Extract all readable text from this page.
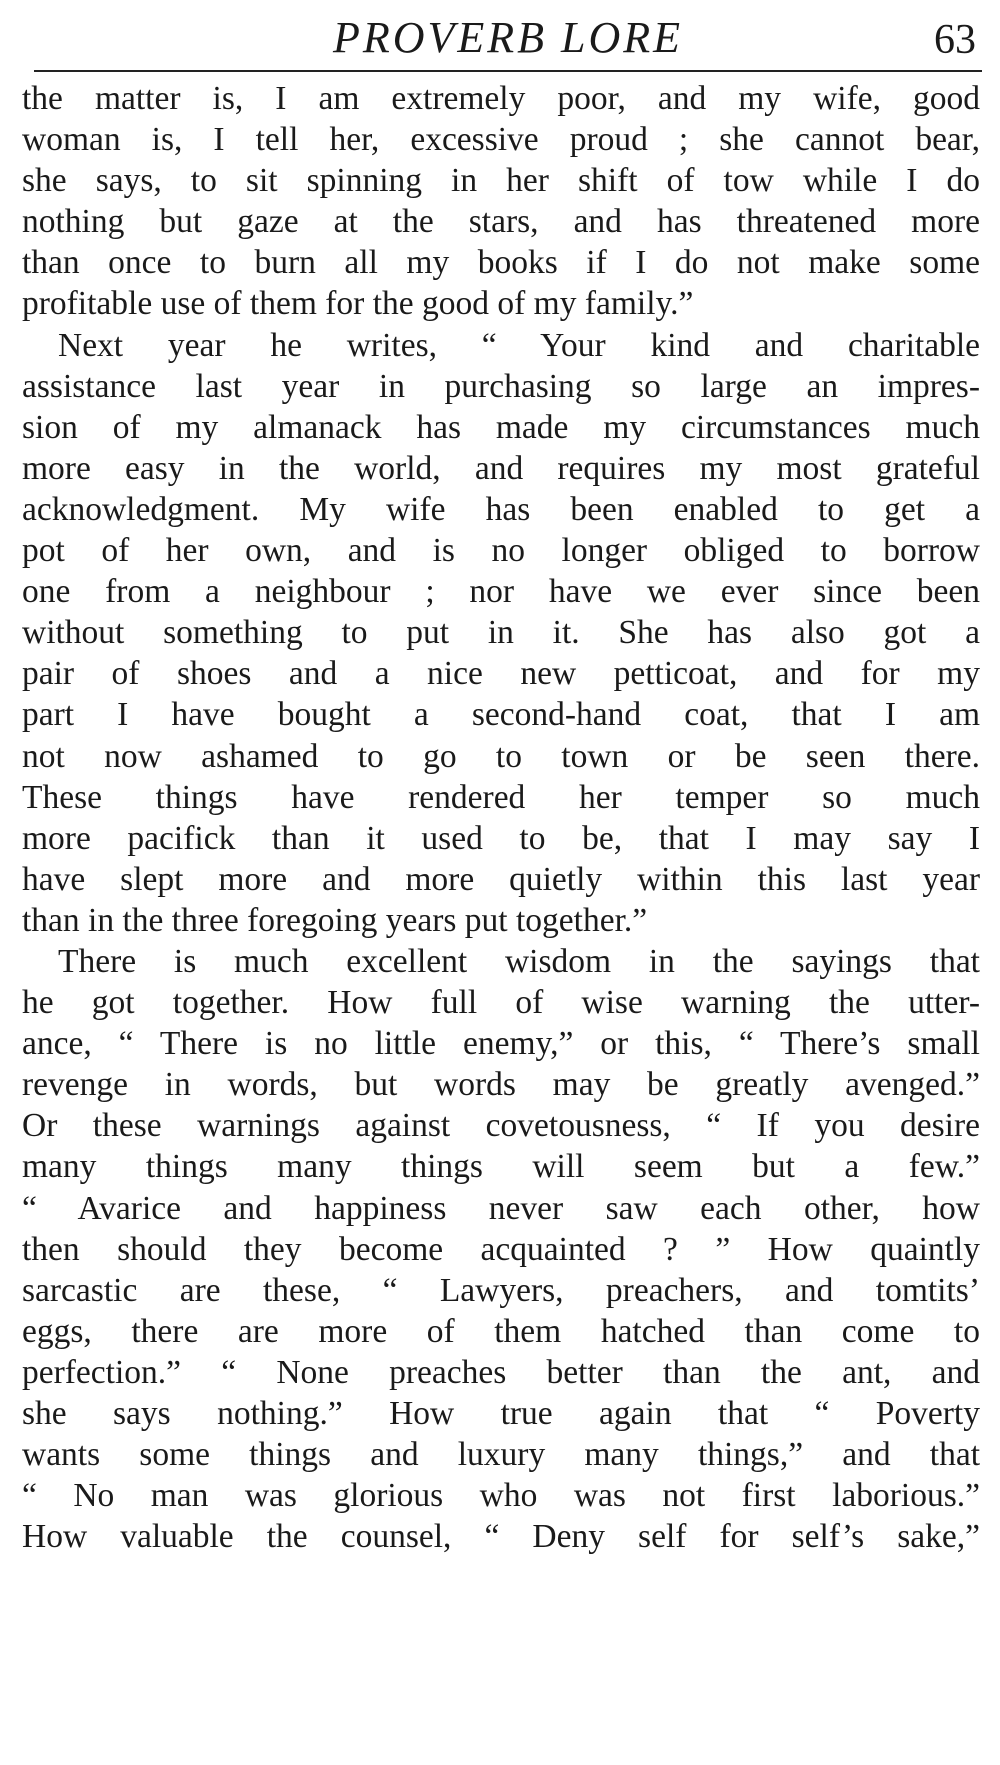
PROVERB LORE	63
the matter is, I am extremely poor, and my wife, good
woman is, I tell her, excessive proud ; she cannot bear,
she says, to sit spinning in her shift of tow while I do
nothing but gaze at the stars, and has threatened more
than once to burn all my books if I do not make some
profitable use of them for the good of my family.”
Next year he writes, “ Your kind and charitable
assistance last year in purchasing so large an impres-
sion of my almanack has made my circumstances much
more easy in the world, and requires my most grateful
acknowledgment. My wife has been enabled to get a
pot of her own, and is no longer obliged to borrow
one from a neighbour ; nor have we ever since been
without something to put in it. She has also got a
pair of shoes and a nice new petticoat, and for my
part I have bought a second-hand coat, that I am
not now ashamed to go to town or be seen there.
These things have rendered her temper so much
more pacifick than it used to be, that I may say I
have slept more and more quietly within this last year
than in the three foregoing years put together.”
There is much excellent wisdom in the sayings that
he got together. How full of wise warning the utter-
ance, “ There is no little enemy,” or this, “ There’s small
revenge in words, but words may be greatly avenged.”
Or these warnings against covetousness, “ If you desire
many things many things will seem but a few.”
“ Avarice and happiness never saw each other, how
then should they become acquainted ? ” How quaintly
sarcastic are these, “ Lawyers, preachers, and tomtits’
eggs, there are more of them hatched than come to
perfection.” “ None preaches better than the ant, and
she says nothing.” How true again that “ Poverty
wants some things and luxury many things,” and that
“ No man was glorious who was not first laborious.”
How valuable the counsel, “ Deny self for self’s sake,”
